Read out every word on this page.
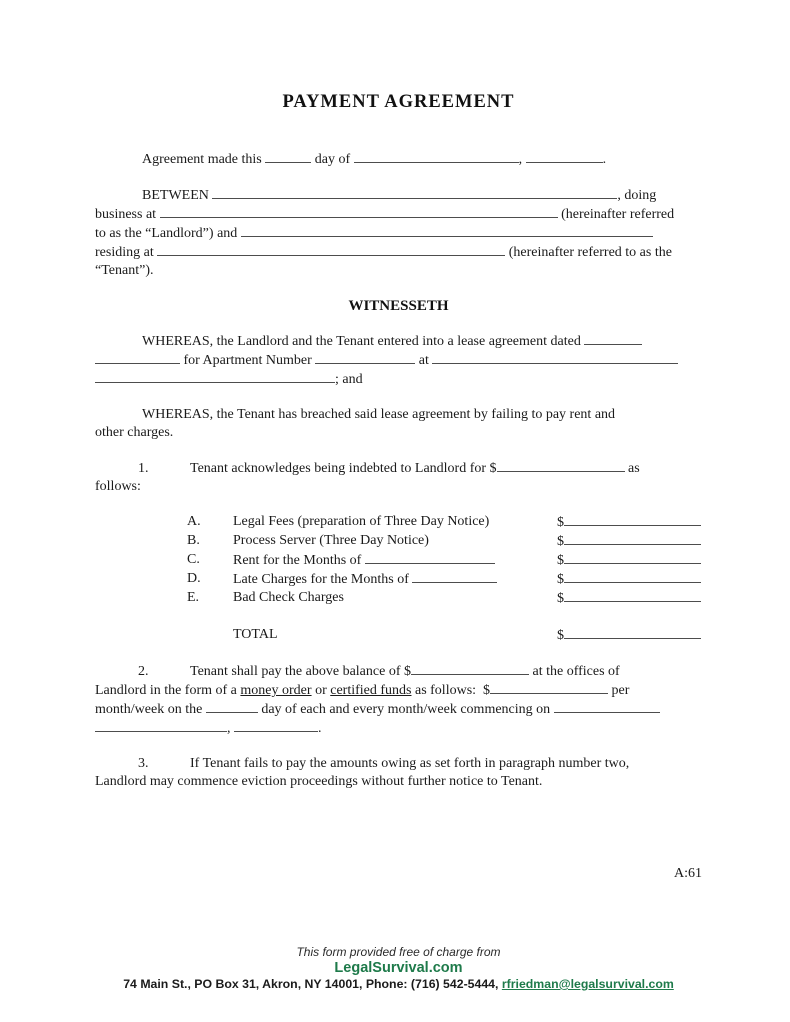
PAYMENT AGREEMENT
Agreement made this	day of	,	.
BETWEEN	, doing
business at	(hereinafter referred
to as the “Landlord”) and
residing at	(hereinafter referred to as the
“Tenant”).
WITNESSETH
WHEREAS, the Landlord and the Tenant entered into a lease agreement dated
for Apartment Number	at
; and
WHEREAS, the Tenant has breached said lease agreement by failing to pay rent and
other charges.
1.	Tenant acknowledges being indebted to Landlord for $	as
follows:
A.	Legal Fees (preparation of Three Day Notice)	$
B.	Process Server (Three Day Notice)	$
C.	Rent for the Months of	$
D.	Late Charges for the Months of	$
E.	Bad Check Charges	$
TOTAL	$
2.	Tenant shall pay the above balance of $	at the offices of
Landlord in the form of a money order or certified funds as follows:  $	per
month/week on the	day of each and every month/week commencing on
,	.
3.	If Tenant fails to pay the amounts owing as set forth in paragraph number two,
Landlord may commence eviction proceedings without further notice to Tenant.
A:61
This form provided free of charge from
LegalSurvival.com
74 Main St., PO Box 31, Akron, NY 14001, Phone: (716) 542-5444, rfriedman@legalsurvival.com
